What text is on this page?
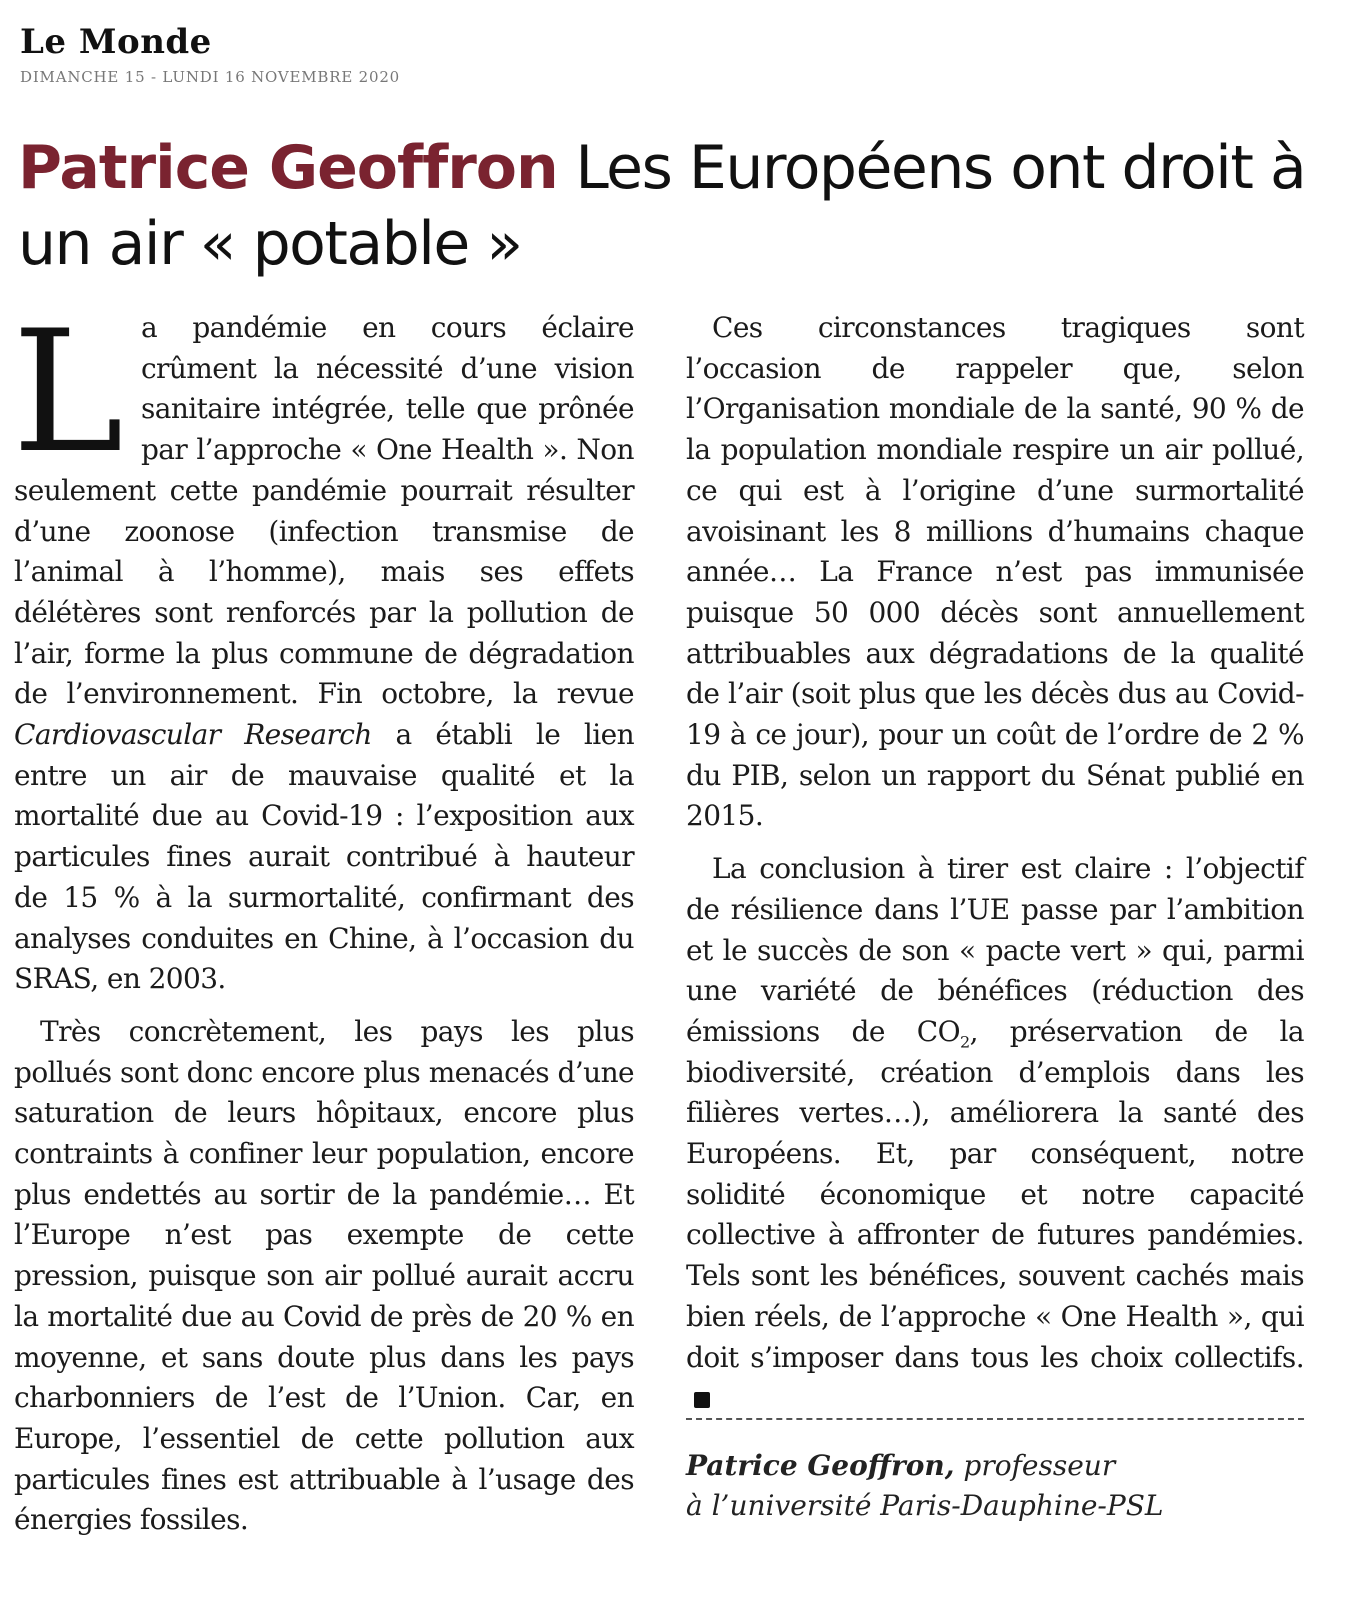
Le Monde
DIMANCHE 15 - LUNDI 16 NOVEMBRE 2020
Patrice Geoffron Les Européens ont droit à un air « potable »

La pandémie en cours éclaire crûment la nécessité d’une vision sanitaire intégrée, telle que prônée par l’approche « One Health ». Non seulement cette pandémie pourrait résulter d’une zoonose (infection transmise de l’animal à l’homme), mais ses effets délétères sont renforcés par la pollution de l’air, forme la plus commune de dégradation de l’environnement. Fin octobre, la revue Cardiovascular Research a établi le lien entre un air de mauvaise qualité et la mortalité due au Covid-19 : l’exposition aux particules fines aurait contribué à hauteur de 15 % à la surmortalité, confirmant des analyses conduites en Chine, à l’occasion du SRAS, en 2003.

Très concrètement, les pays les plus pollués sont donc encore plus menacés d’une saturation de leurs hôpitaux, encore plus contraints à confiner leur population, encore plus endettés au sortir de la pandémie… Et l’Europe n’est pas exempte de cette pression, puisque son air pollué aurait accru la mortalité due au Covid de près de 20 % en moyenne, et sans doute plus dans les pays charbonniers de l’est de l’Union. Car, en Europe, l’essentiel de cette pollution aux particules fines est attribuable à l’usage des énergies fossiles.

Ces circonstances tragiques sont l’occasion de rappeler que, selon l’Organisation mondiale de la santé, 90 % de la population mondiale respire un air pollué, ce qui est à l’origine d’une surmortalité avoisinant les 8 millions d’humains chaque année… La France n’est pas immunisée puisque 50 000 décès sont annuellement attribuables aux dégradations de la qualité de l’air (soit plus que les décès dus au Covid-19 à ce jour), pour un coût de l’ordre de 2 % du PIB, selon un rapport du Sénat publié en 2015.

La conclusion à tirer est claire : l’objectif de résilience dans l’UE passe par l’ambition et le succès de son « pacte vert » qui, parmi une variété de bénéfices (réduction des émissions de $CO_2$, préservation de la biodiversité, création d’emplois dans les filières vertes…), améliorera la santé des Européens. Et, par conséquent, notre solidité économique et notre capacité collective à affronter de futures pandémies. Tels sont les bénéfices, souvent cachés mais bien réels, de l’approche « One Health », qui doit s’imposer dans tous les choix collectifs.

Patrice Geoffron, professeur
à l’université Paris-Dauphine-PSL
